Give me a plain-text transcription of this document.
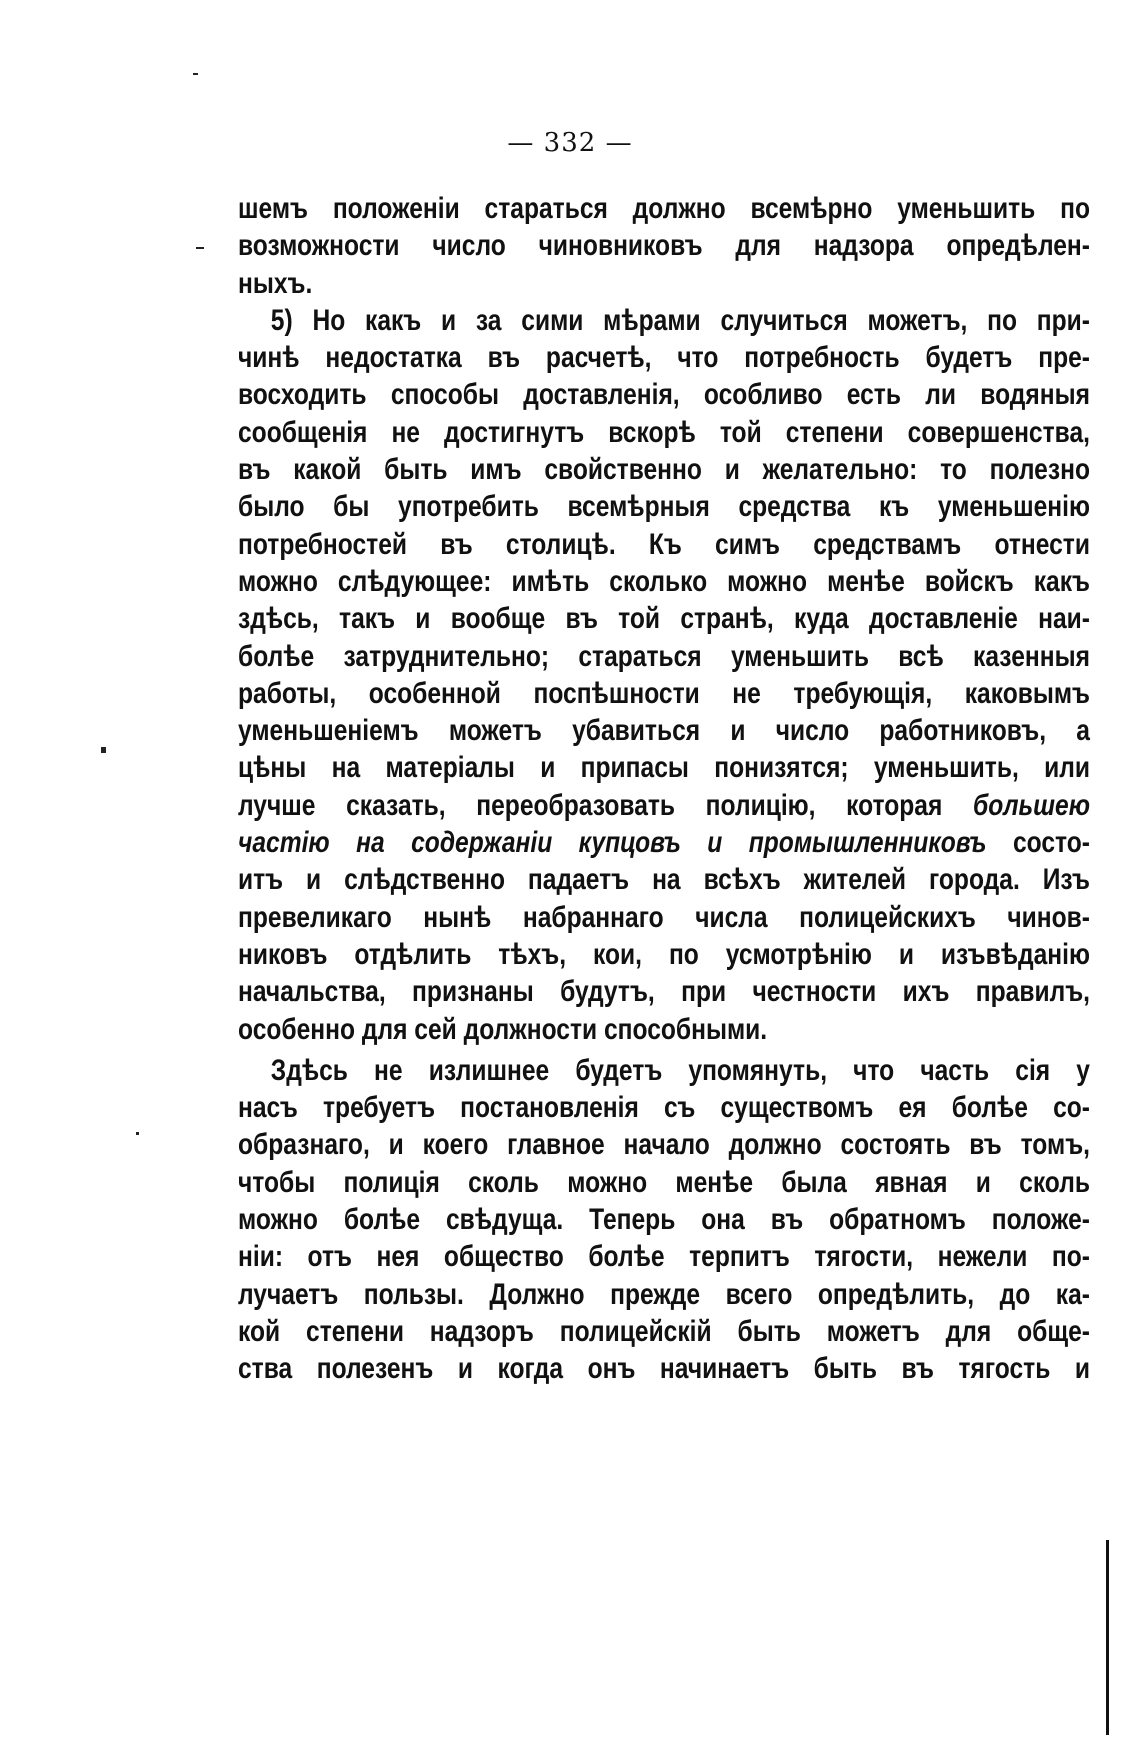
— 332 —
шемъ положеніи стараться должно всемѣрно уменьшить по
возможности число чиновниковъ для надзора опредѣлен-
ныхъ.
5) Но какъ и за сими мѣрами случиться можетъ, по при-
чинѣ недостатка въ расчетѣ, что потребность будетъ пре-
восходить способы доставленія, особливо есть ли водяныя
сообщенія не достигнутъ вскорѣ той степени совершенства,
въ какой быть имъ свойственно и желательно: то полезно
было бы употребить всемѣрныя средства къ уменьшенію
потребностей въ столицѣ. Къ симъ средствамъ отнести
можно слѣдующее: имѣть сколько можно менѣе войскъ какъ
здѣсь, такъ и вообще въ той странѣ, куда доставленіе наи-
болѣе затруднительно; стараться уменьшить всѣ казенныя
работы, особенной поспѣшности не требующія, каковымъ
уменьшеніемъ можетъ убавиться и число работниковъ, а
цѣны на матеріалы и припасы понизятся; уменьшить, или
лучше сказать, переобразовать полицію, которая большею
частію на содержаніи купцовъ и промышленниковъ состо-
итъ и слѣдственно падаетъ на всѣхъ жителей города. Изъ
превеликаго нынѣ набраннаго числа полицейскихъ чинов-
никовъ отдѣлить тѣхъ, кои, по усмотрѣнію и изъвѣданію
начальства, признаны будутъ, при честности ихъ правилъ,
особенно для сей должности способными.
Здѣсь не излишнее будетъ упомянуть, что часть сія у
насъ требуетъ постановленія съ существомъ ея болѣе со-
образнаго, и коего главное начало должно состоять въ томъ,
чтобы полиція сколь можно менѣе была явная и сколь
можно болѣе свѣдуща. Теперь она въ обратномъ положе-
ніи: отъ нея общество болѣе терпитъ тягости, нежели по-
лучаетъ пользы. Должно прежде всего опредѣлить, до ка-
кой степени надзоръ полицейскій быть можетъ для обще-
ства полезенъ и когда онъ начинаетъ быть въ тягость и
